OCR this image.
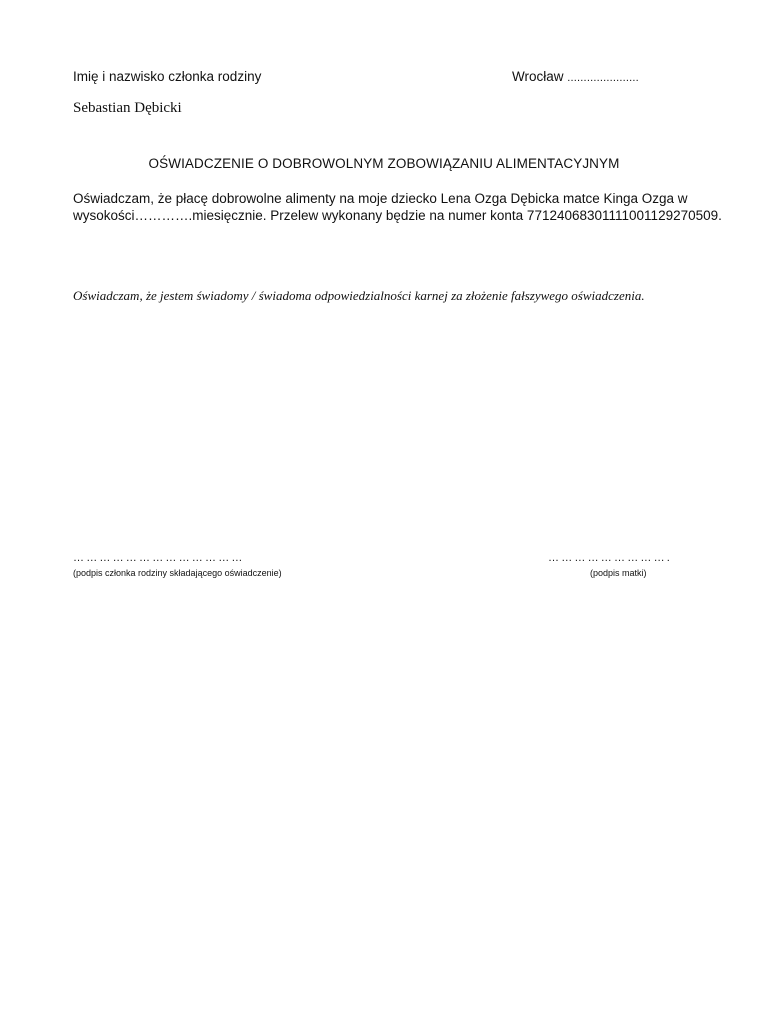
Imię i nazwisko członka rodziny	Wrocław ......................
Sebastian Dębicki
OŚWIADCZENIE O DOBROWOLNYM ZOBOWIĄZANIU ALIMENTACYJNYM

Oświadczam, że płacę dobrowolne alimenty na moje dziecko Lena Ozga Dębicka matce Kinga Ozga w

wysokości………….miesięcznie. Przelew wykonany będzie na numer konta 77124068301111001129270509.

Oświadczam, że jestem świadomy / świadoma odpowiedzialności karnej za złożenie fałszywego oświadczenia.
…………………………………
(podpis członka rodziny składającego oświadczenie)
……………………….
(podpis matki)
